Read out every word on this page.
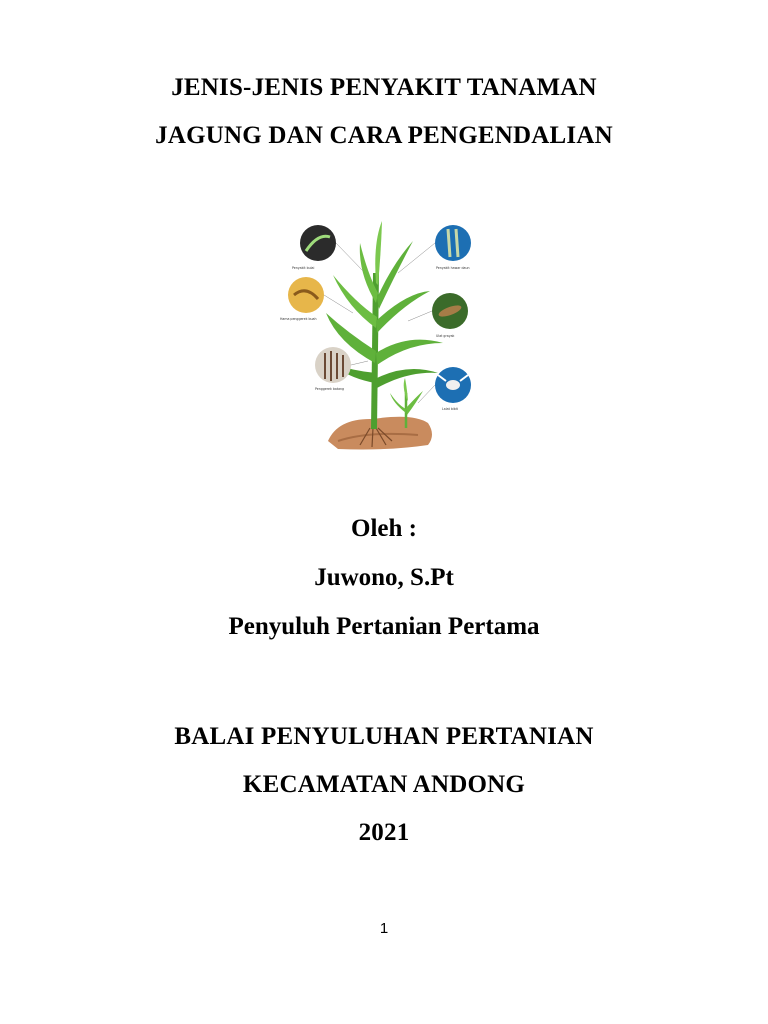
JENIS-JENIS PENYAKIT TANAMAN
JAGUNG DAN CARA PENGENDALIAN
Penyakit bulai
Hama penggerek buah
Penggerek batang
Penyakit hawar daun
Ulat grayak
Lalat bibit
Oleh :
Juwono, S.Pt
Penyuluh Pertanian Pertama
BALAI PENYULUHAN PERTANIAN
KECAMATAN ANDONG
2021
1
